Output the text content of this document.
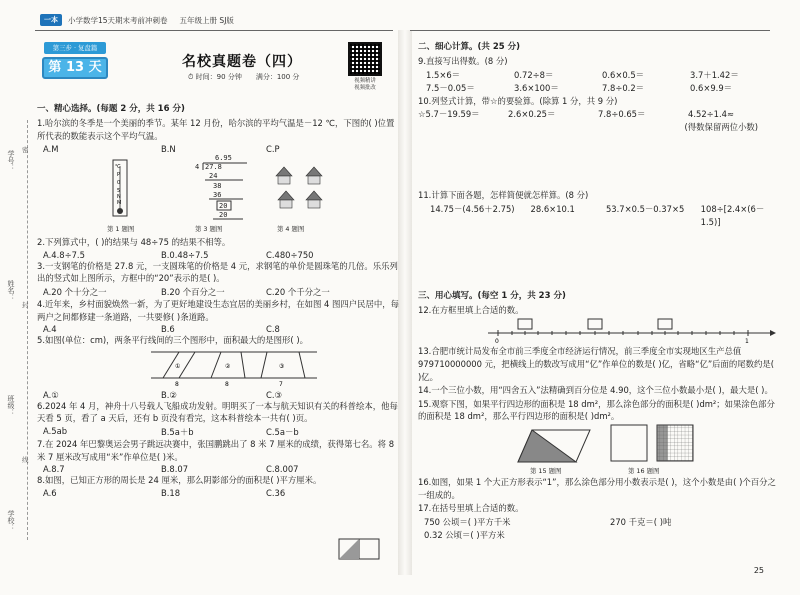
一本	小学数学15天期末考前冲刺卷 五年级上册 SJ版
第三步 · 复盘篇
第 13 天	名校真题卷（四）
⏱ 时间：90 分钟 满分：100 分	视频精讲
视频批改
学号：
姓名：
班级：
学校：
密
封
线
一、精心选择。(每题 2 分，共 16 分)
1.哈尔滨的冬季是一个美丽的季节。某年 12 月份，哈尔滨的平均气温是－12 ℃，下图的( )位置所代表的数能表示这个平均气温。
A.M	B.N	C.P
℃
P
0
5
N
M
6.95
4 27.8
24
38
36
20
20
第 1 题图	第 3 题图	第 4 题图
2.下列算式中，( )的结果与 48÷75 的结果不相等。
A.4.8÷7.5	B.0.48÷7.5	C.480÷750
3.一支钢笔的价格是 27.8 元，一支圆珠笔的价格是 4 元，求钢笔的单价是圆珠笔的几倍。乐乐列出的竖式如上图所示，方框中的“20”表示的是( )。
A.20 个十分之一	B.20 个百分之一	C.20 个千分之一
4.近年来，乡村面貌焕然一新，为了更好地建设生态宜居的美丽乡村，在如图 4 图四户民居中，每两户之间都修建一条道路，一共要修( )条道路。
A.4	B.6	C.8
5.如图(单位：cm)，两条平行线间的三个图形中，面积最大的是图形( )。
8	8	7
①	②	③
A.①	B.②	C.③
6.2024 年 4 月，神舟十八号载人飞船成功发射。明明买了一本与航天知识有关的科普绘本，他每天看 5 页，看了 a 天后，还有 b 页没有看完，这本科普绘本一共有( )页。
A.5ab	B.5a＋b	C.5a－b
7.在 2024 年巴黎奥运会男子跳远决赛中，张国鹏跳出了 8 米 7 厘米的成绩，获得第七名。将 8 米 7 厘米改写成用“米”作单位是( )米。
A.8.7	B.8.07	C.8.007
8.如图，已知正方形的周长是 24 厘米，那么阴影部分的面积是( )平方厘米。
A.6	B.18	C.36
二、细心计算。(共 25 分)
9.直接写出得数。(8 分)
1.5×6＝	0.72÷8＝	0.6×0.5＝	3.7＋1.42＝
7.5－0.05＝	3.6×100＝	7.8÷0.2＝	0.6×9.9＝
10.列竖式计算，带☆的要验算。(除算 1 分，共 9 分)
☆5.7－19.59＝	2.6×0.25＝	7.8÷0.65＝	4.52÷1.4≈
(得数保留两位小数)
11.计算下面各题，怎样简便就怎样算。(8 分)
14.75－(4.56＋2.75)	28.6×10.1	53.7×0.5－0.37×5	108÷[2.4×(6－1.5)]
三、用心填写。(每空 1 分，共 23 分)
12.在方框里填上合适的数。
0	1
13.合肥市统计局发布全市前三季度全市经济运行情况，前三季度全市实现地区生产总值 979710000000 元，把横线上的数改写成用“亿”作单位的数是( )亿，省略“亿”后面的尾数约是( )亿。
14.一个三位小数，用“四舍五入”法精确到百分位是 4.90，这个三位小数最小是( )，最大是( )。
15.观察下图，如果平行四边形的面积是 18 dm²，那么涂色部分的面积是( )dm²；如果涂色部分的面积是 18 dm²，那么平行四边形的面积是( )dm²。
第 15 题图	第 16 题图
16.如图，如果 1 个大正方形表示“1”，那么涂色部分用小数表示是( )，这个小数是由( )个百分之一组成的。
17.在括号里填上合适的数。
750 公顷＝( )平方千米
0.32 公顷＝( )平方米
270 千克＝( )吨
25
